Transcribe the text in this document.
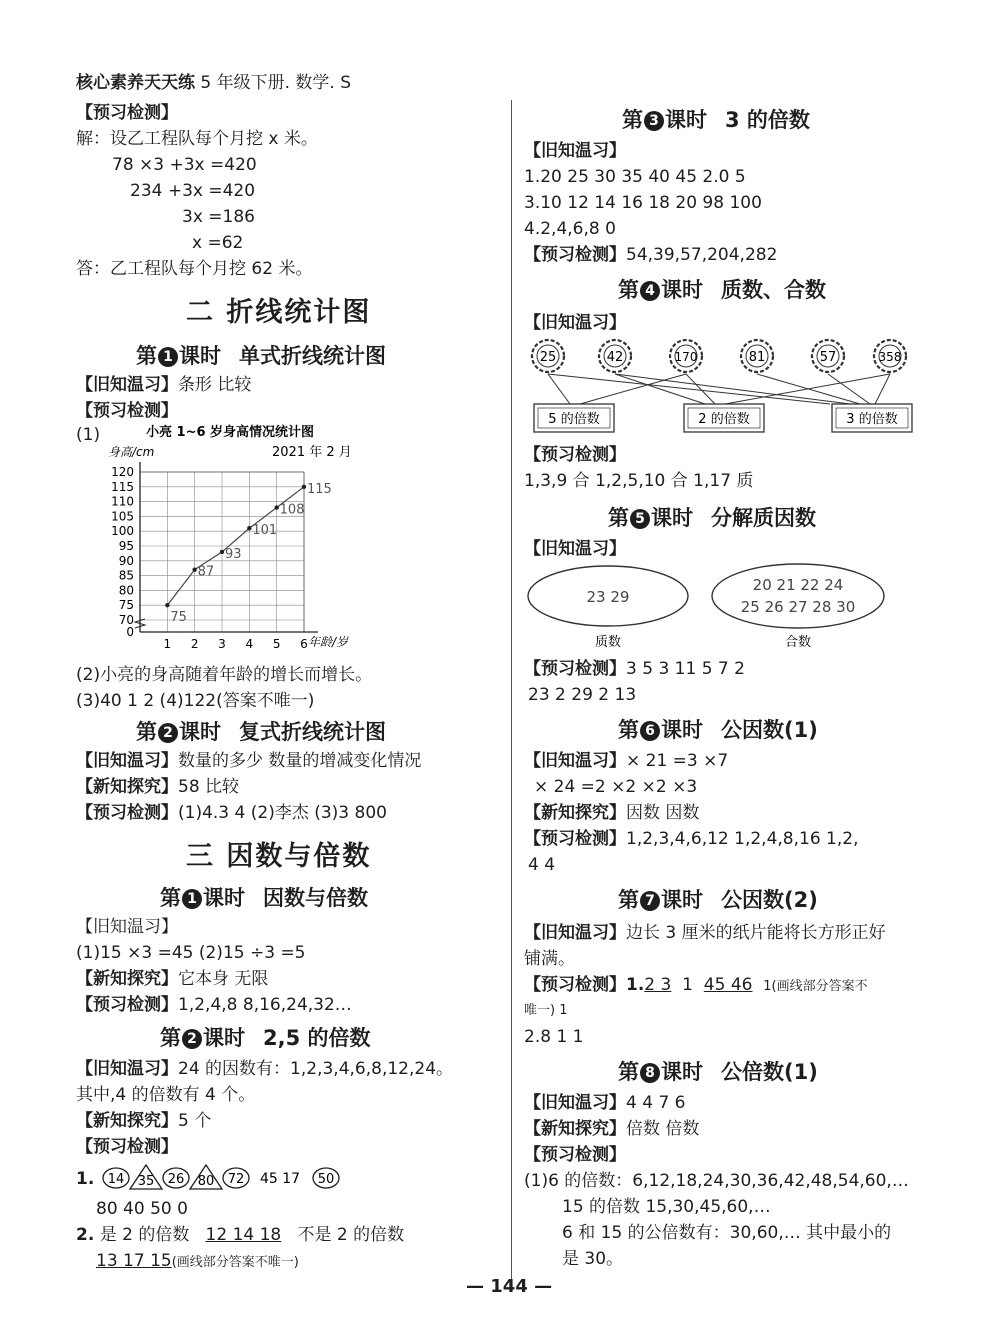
核心素养天天练 5 年级下册. 数学. S
【预习检测】
解：设乙工程队每个月挖 x 米。
78 ×3 +3x =420
234 +3x =420
3x =186
x =62
答：乙工程队每个月挖 62 米。
二 折线统计图
第 1 课时 单式折线统计图
【旧知温习】条形 比较
【预习检测】
(1)	小亮 1~6 岁身高情况统计图
身高/cm	2021 年 2 月
0
70
75
80
85
90
95
100
105
110
115
120
1 2 3 4 5 6
75
87
93
101
108
115
年龄/岁
(2)小亮的身高随着年龄的增长而增长。
(3)40 1 2 (4)122(答案不唯一)
第 2 课时 复式折线统计图
【旧知温习】数量的多少 数量的增减变化情况
【新知探究】58 比较
【预习检测】(1)4.3 4 (2)李杰 (3)3 800
三 因数与倍数
第 1 课时 因数与倍数
【旧知温习】
(1)15 ×3 =45 (2)15 ÷3 =5
【新知探究】它本身 无限
【预习检测】1,2,4,8 8,16,24,32…
第 2 课时 2,5 的倍数
【旧知温习】24 的因数有：1,2,3,4,6,8,12,24。
其中,4 的倍数有 4 个。
【新知探究】5 个
【预习检测】
1. 14 35 26 80 72 45 17 50
80 40 50 0
2. 是 2 的倍数 12 14 18 不是 2 的倍数
13 17 15(画线部分答案不唯一)
第 3 课时 3 的倍数
【旧知温习】
1.20 25 30 35 40 45 2.0 5
3.10 12 14 16 18 20 98 100
4.2,4,6,8 0
【预习检测】54,39,57,204,282
第 4 课时 质数、合数
【旧知温习】
25	42	170	81	57	358
5 的倍数	2 的倍数	3 的倍数
【预习检测】
1,3,9 合 1,2,5,10 合 1,17 质
第 5 课时 分解质因数
【旧知温习】
23 29
20 21 22 24
25 26 27 28 30
质数	合数
【预习检测】3 5 3 11 5 7 2
23 2 29 2 13
第 6 课时 公因数(1)
【旧知温习】× 21 =3 ×7
× 24 =2 ×2 ×2 ×3
【新知探究】因数 因数
【预习检测】1,2,3,4,6,12 1,2,4,8,16 1,2,
4 4
第 7 课时 公因数(2)
【旧知温习】边长 3 厘米的纸片能将长方形正好
铺满。
【预习检测】1.2 3 1 45 46 1(画线部分答案不
唯一) 1
2.8 1 1
第 8 课时 公倍数(1)
【旧知温习】4 4 7 6
【新知探究】倍数 倍数
【预习检测】
(1)6 的倍数：6,12,18,24,30,36,42,48,54,60,…
15 的倍数 15,30,45,60,…
6 和 15 的公倍数有：30,60,… 其中最小的
是 30。
— 144 —
